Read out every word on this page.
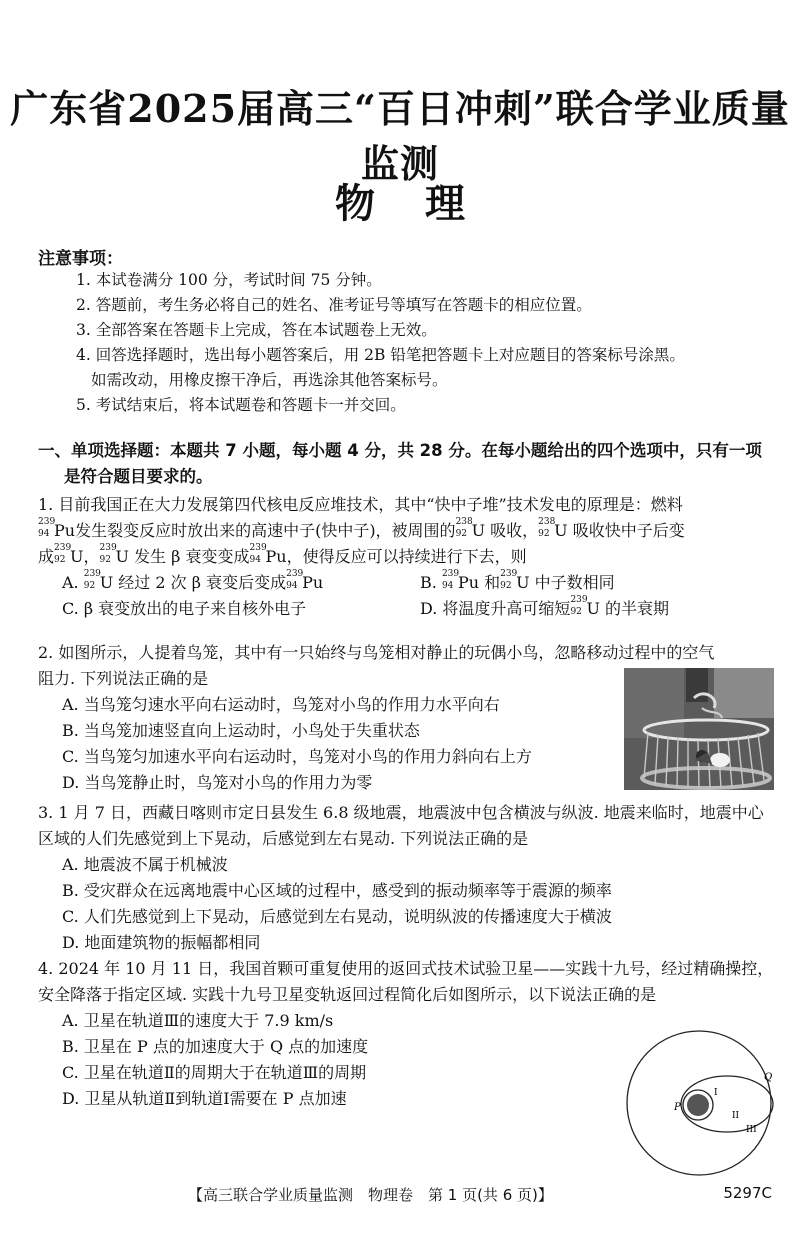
广东省2025届高三“百日冲刺”联合学业质量监测
物理
注意事项：
1. 本试卷满分 100 分，考试时间 75 分钟。
2. 答题前，考生务必将自己的姓名、准考证号等填写在答题卡的相应位置。
3. 全部答案在答题卡上完成，答在本试题卷上无效。
4. 回答选择题时，选出每小题答案后，用 2B 铅笔把答题卡上对应题目的答案标号涂黑。
如需改动，用橡皮擦干净后，再选涂其他答案标号。
5. 考试结束后，将本试题卷和答题卡一并交回。
一、单项选择题：本题共 7 小题，每小题 4 分，共 28 分。在每小题给出的四个选项中，只有一项
是符合题目要求的。
1. 目前我国正在大力发展第四代核电反应堆技术，其中“快中子堆”技术发电的原理是：燃料
239
94 Pu发生裂变反应时放出来的高速中子(快中子)，被周围的 238
92 U 吸收， 238
92 U 吸收快中子后变
成 239
92 U， 239
92 U 发生 β 衰变变成 239
94 Pu，使得反应可以持续进行下去，则
A. 239
92 U 经过 2 次 β 衰变后变成 239
94 Pu	B. 239
94 Pu 和 239
92 U 中子数相同
C. β 衰变放出的电子来自核外电子	D. 将温度升高可缩短 239
92 U 的半衰期
2. 如图所示，人提着鸟笼，其中有一只始终与鸟笼相对静止的玩偶小鸟，忽略移动过程中的空气
阻力. 下列说法正确的是
A. 当鸟笼匀速水平向右运动时，鸟笼对小鸟的作用力水平向右
B. 当鸟笼加速竖直向上运动时，小鸟处于失重状态
C. 当鸟笼匀加速水平向右运动时，鸟笼对小鸟的作用力斜向右上方
D. 当鸟笼静止时，鸟笼对小鸟的作用力为零
3. 1 月 7 日，西藏日喀则市定日县发生 6.8 级地震，地震波中包含横波与纵波. 地震来临时，地震中心
区域的人们先感觉到上下晃动，后感觉到左右晃动. 下列说法正确的是
A. 地震波不属于机械波
B. 受灾群众在远离地震中心区域的过程中，感受到的振动频率等于震源的频率
C. 人们先感觉到上下晃动，后感觉到左右晃动，说明纵波的传播速度大于横波
D. 地面建筑物的振幅都相同
4. 2024 年 10 月 11 日，我国首颗可重复使用的返回式技术试验卫星——实践十九号，经过精确操控，
安全降落于指定区域. 实践十九号卫星变轨返回过程简化后如图所示，以下说法正确的是
A. 卫星在轨道Ⅲ的速度大于 7.9 km/s
B. 卫星在 P 点的加速度大于 Q 点的加速度
C. 卫星在轨道Ⅱ的周期大于在轨道Ⅲ的周期
D. 卫星从轨道Ⅱ到轨道Ⅰ需要在 P 点加速	P
Q
I
II
III
【高三联合学业质量监测　物理卷　第 1 页(共 6 页)】	5297C
